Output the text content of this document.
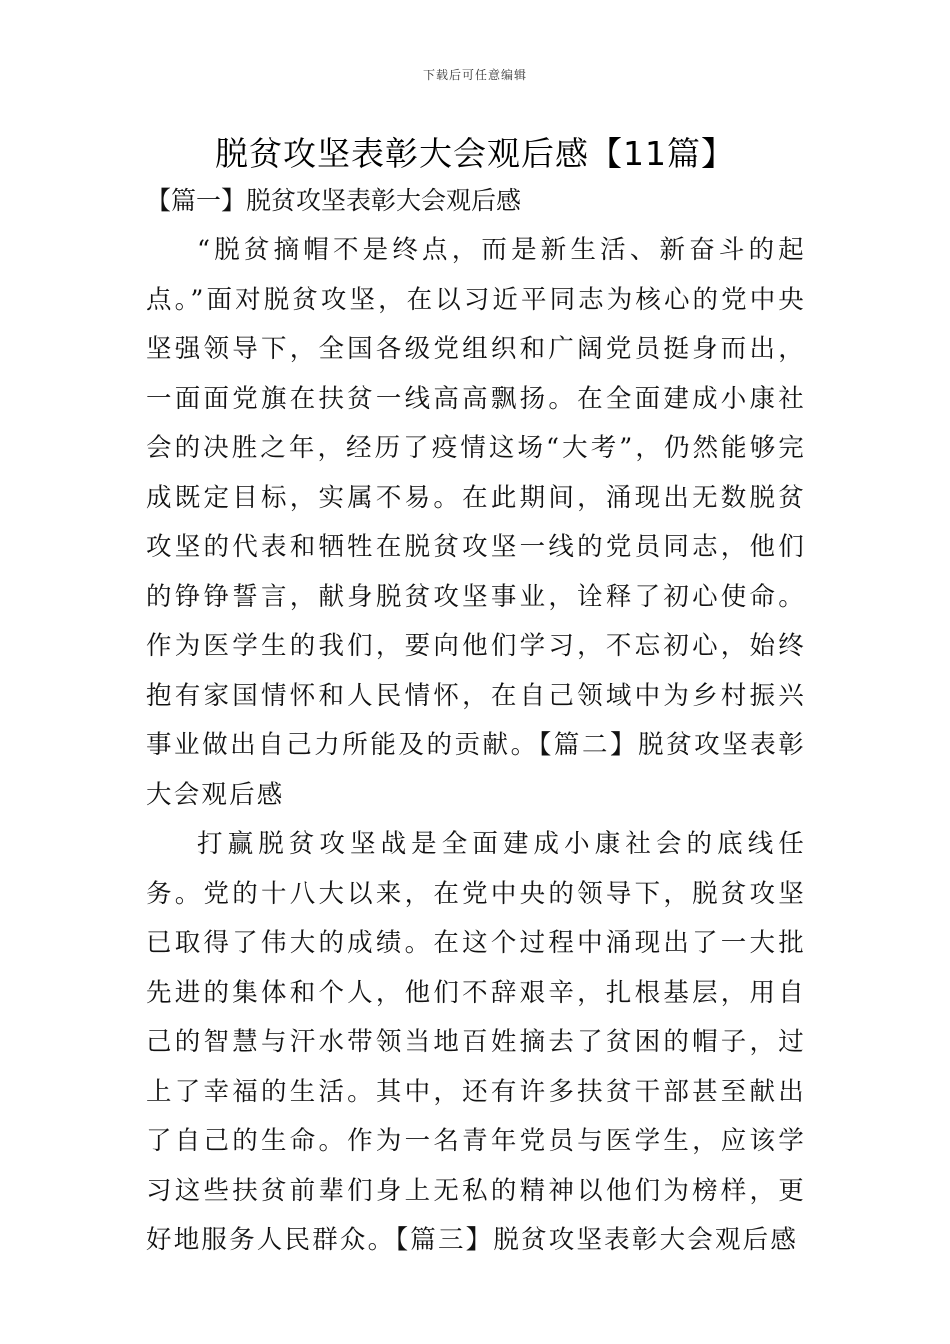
下载后可任意编辑
脱贫攻坚表彰大会观后感【11篇】

【篇一】脱贫攻坚表彰大会观后感

“脱贫摘帽不是终点，而是新生活、新奋斗的起点。”面对脱贫攻坚，在以习近平同志为核心的党中央坚强领导下，全国各级党组织和广阔党员挺身而出，一面面党旗在扶贫一线高高飘扬。在全面建成小康社会的决胜之年，经历了疫情这场“大考”，仍然能够完成既定目标，实属不易。在此期间，涌现出无数脱贫攻坚的代表和牺牲在脱贫攻坚一线的党员同志，他们的铮铮誓言，献身脱贫攻坚事业，诠释了初心使命。作为医学生的我们，要向他们学习，不忘初心，始终抱有家国情怀和人民情怀，在自己领域中为乡村振兴事业做出自己力所能及的贡献。【篇二】脱贫攻坚表彰大会观后感

打赢脱贫攻坚战是全面建成小康社会的底线任务。党的十八大以来，在党中央的领导下，脱贫攻坚已取得了伟大的成绩。在这个过程中涌现出了一大批先进的集体和个人，他们不辞艰辛，扎根基层，用自己的智慧与汗水带领当地百姓摘去了贫困的帽子，过上了幸福的生活。其中，还有许多扶贫干部甚至献出了自己的生命。作为一名青年党员与医学生，应该学习这些扶贫前辈们身上无私的精神以他们为榜样，更好地服务人民群众。【篇三】脱贫攻坚表彰大会观后感
